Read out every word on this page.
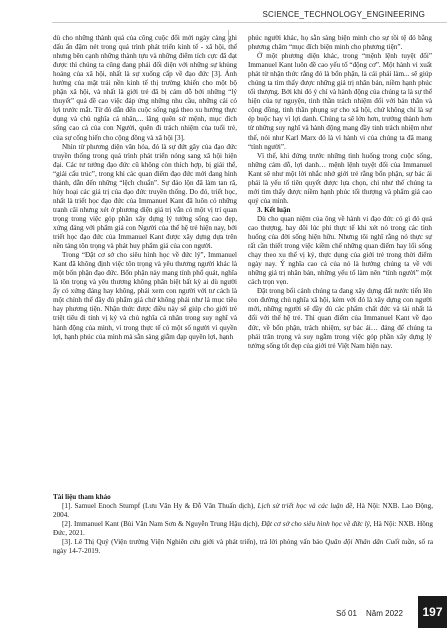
SCIENCE_TECHNOLOGY_ENGINEERING

dù cho những thành quả của công cuộc đổi mới ngày càng ghi dấu ấn đậm nét trong quá trình phát triển kinh tế - xã hội, thế nhưng bên cạnh những thành tựu và những điểm tích cực đã đạt được thì chúng ta cũng đang phải đối diện với những sự khủng hoảng của xã hội, nhất là sự xuống cấp về đạo đức [3]. Ảnh hưởng của mặt trái nền kinh tế thị trường khiến cho một bộ phận xã hội, và nhất là giới trẻ đã bị cám dỗ bởi những “lý thuyết” quá đề cao việc đáp ứng những nhu cầu, những cái có lợi trước mắt. Từ đó dẫn đến cuộc sống ngả theo xu hướng thực dụng và chủ nghĩa cá nhân,... lãng quên sứ mệnh, mục đích sống cao cả của con Người, quên đi trách nhiệm của tuổi trẻ, của sự cống hiến cho cộng đồng và xã hội [3].

Nhìn từ phương diện văn hóa, đó là sự đứt gãy của đạo đức truyền thống trong quá trình phát triển nóng sang xã hội hiện đại. Các tư tưởng đạo đức cũ không còn thích hợp, bị giải thể, “giải cấu trúc”, trong khi các quan điểm đạo đức mới đang hình thành, dẫn đến những “lệch chuẩn”. Sự đảo lộn đã làm tan rã, hủy hoại các giá trị của đạo đức truyền thống. Do đó, triết học, nhất là triết học đạo đức của Immanuel Kant đã luôn có những tranh cãi nhưng xét ở phương diện giá trị vẫn có một vị trí quan trọng trong việc góp phần xây dựng lý tưởng sống cao đẹp, xứng đáng với phẩm giá con Người của thế hệ trẻ hiện nay, bởi triết học đạo đức của Immanuel Kant được xây dựng dựa trên nền tảng tôn trọng và phát huy phẩm giá của con người.

Trong “Đặt cơ sở cho siêu hình học về đức lý”, Immanuel Kant đã không định việc tôn trọng và yêu thương người khác là một bổn phận đạo đức. Bổn phận này mang tính phổ quát, nghĩa là tôn trọng và yêu thương không phân biệt bất kỳ ai dù người ấy có xứng đáng hay không, phải xem con người với tư cách là một chính thể đầy đủ phẩm giá chứ không phải như là mục tiêu hay phương tiện. Nhận thức được điều này sẽ giúp cho giới trẻ triệt tiêu đi tính vị kỷ và chủ nghĩa cá nhân trong suy nghĩ và hành động của mình, vì trong thực tế có một số người vì quyền lợi, hạnh phúc của mình mà sẵn sàng giẫm đạp quyền lợi, hạnh

phúc người khác, họ sẵn sàng biện minh cho sự tồi tệ đó bằng phương châm “mục đích biện minh cho phương tiện”.

Ở một phương diện khác, trong “mệnh lệnh tuyệt đối” Immanuel Kant luôn đề cao yếu tố “động cơ”. Một hành vi xuất phát từ nhận thức rằng đó là bổn phận, là cái phải làm... sẽ giúp chúng ta tìm thấy được những giá trị nhân bản, niềm hạnh phúc tối thượng. Bởi khi đó ý chí và hành động của chúng ta là sự thể hiện của tự nguyện, tinh thần trách nhiệm đối với bản thân và cộng đồng, tinh thần phụng sự cho xã hội, chứ không chỉ là sự ép buộc hay vì lợi danh. Chúng ta sẽ lớn hơn, trưởng thành hơn từ những suy nghĩ và hành động mang đầy tinh trách nhiệm như thế, nói như Karl Marx đó là vì hành vi của chúng ta đã mang “tính người”.

Vì thế, khi đứng trước những tình huống trong cuộc sống, những cám dỗ, lợi danh… mệnh lệnh tuyệt đối của Immanuel Kant sẽ như một lời nhắc nhở giới trẻ rằng bổn phận, sự bác ái phải là yếu tố tiên quyết được lựa chọn, chỉ như thế chúng ta mới tìm thấy được niềm hạnh phúc tối thượng và phẩm giá cao quý của mình.

3. Kết luận

Dù cho quan niệm của ông về hành vi đạo đức có gì đó quá cao thượng, hay đôi lúc phi thực tế khi xét nó trong các tình huống của đời sống hiện hữu. Nhưng tôi nghĩ rằng nó thực sự rất cần thiết trong việc kiềm chế những quan điểm hay lối sống chạy theo xu thế vị kỷ, thực dụng của giới trẻ trong thời điểm ngày nay. Ý nghĩa cao cả của nó là hướng chúng ta về với những giá trị nhân bản, những yếu tố làm nên “tính người” một cách trọn vẹn.

Đặt trong bối cảnh chúng ta đang xây dựng đất nước tiến lên con đường chủ nghĩa xã hội, kèm với đó là xây dựng con người mới, những người sẽ đầy đủ các phẩm chất đức và tài nhất là đối với thế hệ trẻ. Thì quan điểm của Immanuel Kant về đạo đức, về bổn phận, trách nhiệm, sự bác ái… đáng để chúng ta phải trân trọng và suy ngẫm trong việc góp phần xây dựng lý tưởng sống tốt đẹp của giới trẻ Việt Nam hiện nay.

Tài liệu tham khảo

[1]. Samuel Enoch Stumpf (Lưu Văn Hy & Đỗ Văn Thuấn dịch), Lịch sử triết học và các luận đề, Hà Nội: NXB. Lao Động, 2004.

[2]. Immanuel Kant (Bùi Văn Nam Sơn & Nguyễn Trung Hậu dịch), Đặt cơ sở cho siêu hình học về đức lý, Hà Nội: NXB. Hồng Đức, 2021.

[3]. Lê Thị Quý (Viện trưởng Viện Nghiên cứu giới và phát triển), trả lời phỏng vấn báo Quân đội Nhân dân Cuối tuần, số ra ngày 14-7-2019.

Số 01 Năm 2022	197
